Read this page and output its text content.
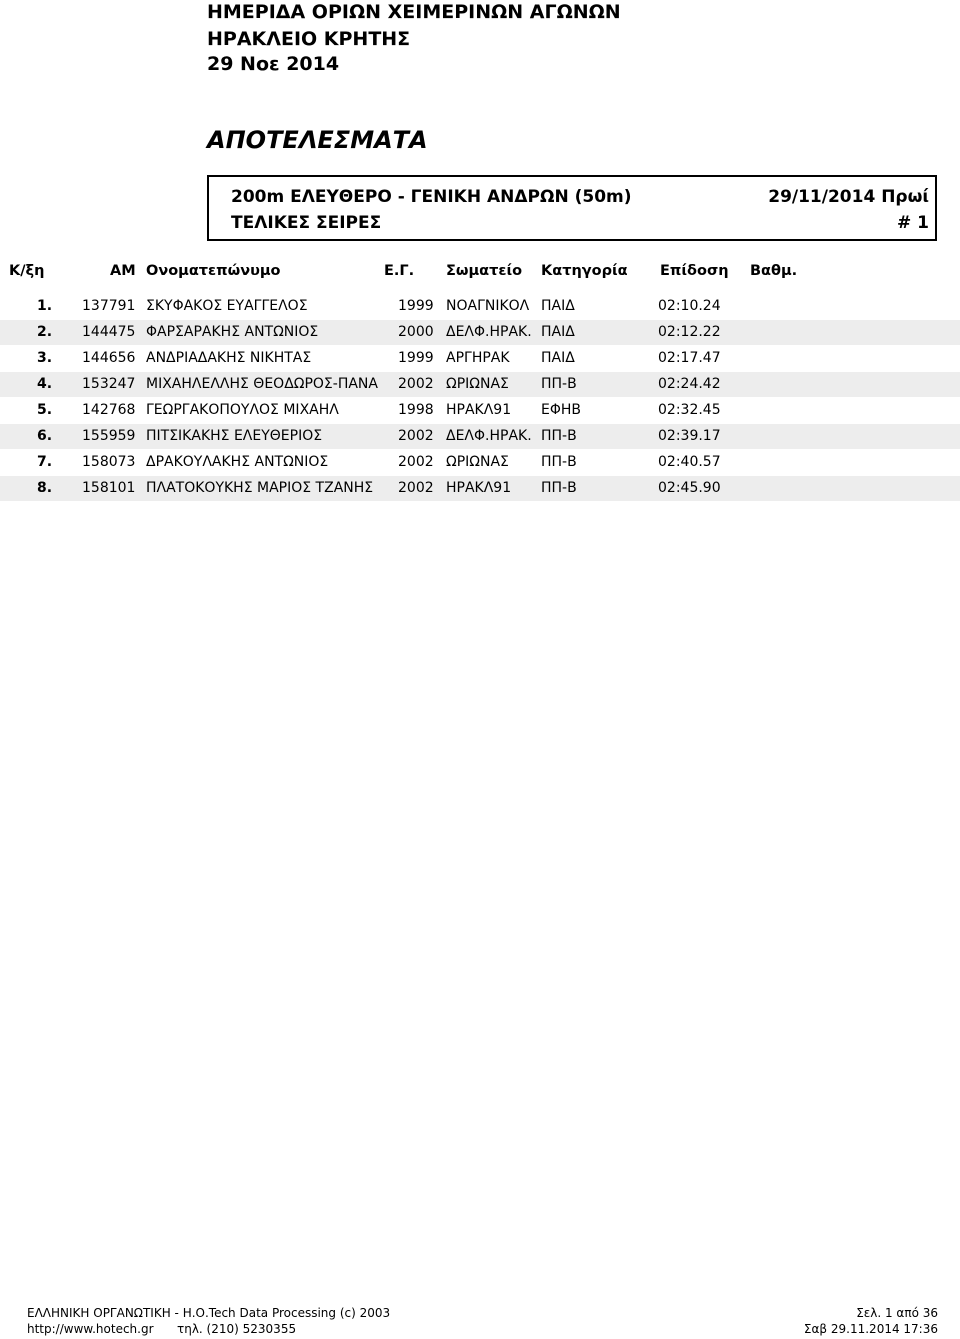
ΗΜΕΡΙΔΑ ΟΡΙΩΝ ΧΕΙΜΕΡΙΝΩΝ ΑΓΩΝΩΝ
ΗΡΑΚΛΕΙΟ ΚΡΗΤΗΣ
29 Νοε 2014
ΑΠΟΤΕΛΕΣΜΑΤΑ
200m ΕΛΕΥΘΕΡΟ - ΓΕΝΙΚΗ ΑΝΔΡΩΝ (50m)	29/11/2014 Πρωί
ΤΕΛΙΚΕΣ ΣΕΙΡΕΣ	# 1
Κ/ξη	ΑΜ Ονοματεπώνυμο	Ε.Γ. Σωματείο Κατηγορία Επίδοση Βαθμ.
1. 137791 ΣΚΥΦΑΚΟΣ ΕΥΑΓΓΕΛΟΣ	1999 ΝΟΑΓΝΙΚΟΛ ΠΑΙΔ	02:10.24
2. 144475 ΦΑΡΣΑΡΑΚΗΣ ΑΝΤΩΝΙΟΣ	2000 ΔΕΛΦ.ΗΡΑΚ. ΠΑΙΔ	02:12.22
3. 144656 ΑΝΔΡΙΑΔΑΚΗΣ ΝΙΚΗΤΑΣ	1999 ΑΡΓΗΡΑΚ ΠΑΙΔ	02:17.47
4. 153247 ΜΙΧΑΗΛΕΛΛΗΣ ΘΕΟΔΩΡΟΣ-ΠΑΝΑ 2002 ΩΡΙΩΝΑΣ ΠΠ-Β	02:24.42
5. 142768 ΓΕΩΡΓΑΚΟΠΟΥΛΟΣ ΜΙΧΑΗΛ	1998 ΗΡΑΚΛ91 ΕΦΗΒ	02:32.45
6. 155959 ΠΙΤΣΙΚΑΚΗΣ ΕΛΕΥΘΕΡΙΟΣ	2002 ΔΕΛΦ.ΗΡΑΚ. ΠΠ-Β	02:39.17
7. 158073 ΔΡΑΚΟΥΛΑΚΗΣ ΑΝΤΩΝΙΟΣ	2002 ΩΡΙΩΝΑΣ ΠΠ-Β	02:40.57
8. 158101 ΠΛΑΤΟΚΟΥΚΗΣ ΜΑΡΙΟΣ ΤΖΑΝΗΣ 2002 ΗΡΑΚΛ91 ΠΠ-Β	02:45.90
ΕΛΛΗΝΙΚΗ ΟΡΓΑΝΩΤΙΚΗ - Η.Ο.Tech Data Processing (c) 2003
http://www.hotech.gr τηλ. (210) 5230355
Σελ. 1 από 36
Σαβ 29.11.2014 17:36
